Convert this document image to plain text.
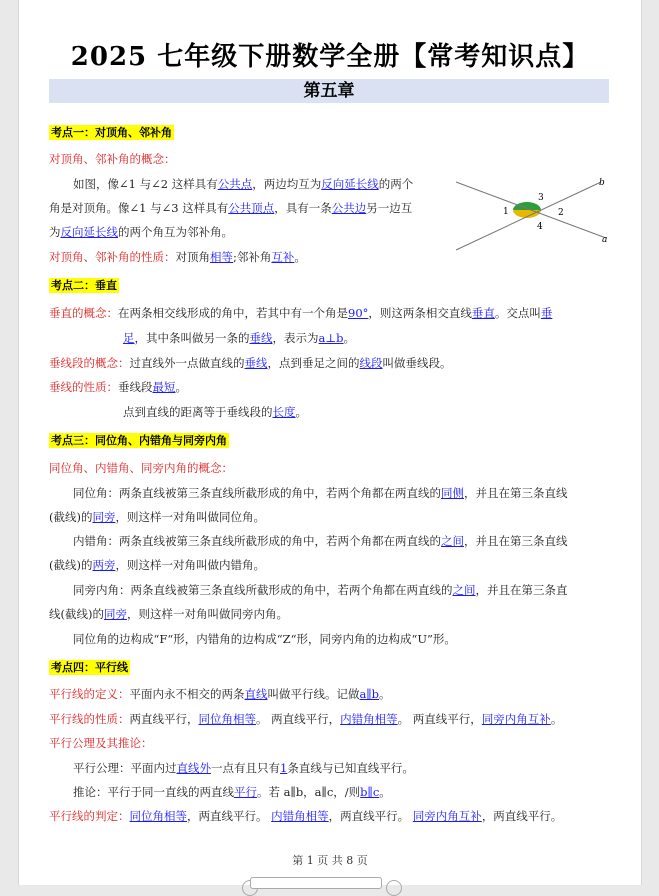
2025 七年级下册数学全册【常考知识点】
第五章
考点一：对顶角、邻补角
对顶角、邻补角的概念：
如图，像∠1 与∠2 这样具有公共点，两边均互为反向延长线的两个
角是对顶角。像∠1 与∠3 这样具有公共顶点，具有一条公共边另一边互
为反向延长线的两个角互为邻补角。
对顶角、邻补角的性质：对顶角相等;邻补角互补。
3
1	2
4
b
a
考点二：垂直
垂直的概念：在两条相交线形成的角中，若其中有一个角是90°，则这两条相交直线垂直。交点叫垂
足，其中条叫做另一条的垂线，表示为a⊥b。
垂线段的概念：过直线外一点做直线的垂线，点到垂足之间的线段叫做垂线段。
垂线的性质：垂线段最短。
点到直线的距离等于垂线段的长度。
考点三：同位角、内错角与同旁内角
同位角、内错角、同旁内角的概念：
同位角：两条直线被第三条直线所截形成的角中，若两个角都在两直线的同侧，并且在第三条直线
(截线)的同旁，则这样一对角叫做同位角。
内错角：两条直线被第三条直线所截形成的角中，若两个角都在两直线的之间，并且在第三条直线
(截线)的两旁，则这样一对角叫做内错角。
同旁内角：两条直线被第三条直线所截形成的角中，若两个角都在两直线的之间，并且在第三条直
线(截线)的同旁，则这样一对角叫做同旁内角。
同位角的边构成“F“形，内错角的边构成“Z“形，同旁内角的边构成“U”形。
考点四：平行线
平行线的定义：平面内永不相交的两条直线叫做平行线。记做a∥b。
平行线的性质：两直线平行，同位角相等。 两直线平行，内错角相等。 两直线平行，同旁内角互补。
平行公理及其推论：
平行公理：平面内过直线外一点有且只有1条直线与已知直线平行。
推论：平行于同一直线的两直线平行。若 a∥b，a∥c，/则b∥c。
平行线的判定：同位角相等，两直线平行。 内错角相等，两直线平行。 同旁内角互补，两直线平行。
第 1 页 共 8 页
